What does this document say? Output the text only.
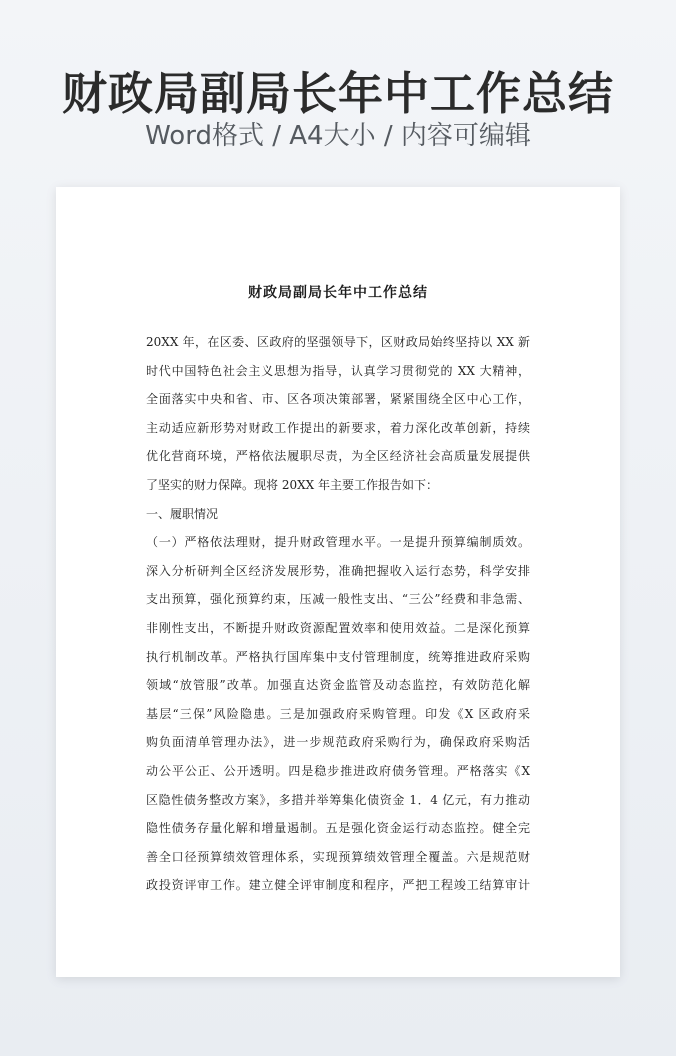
财政局副局长年中工作总结
Word格式 / A4大小 / 内容可编辑
财政局副局长年中工作总结
20XX 年，在区委、区政府的坚强领导下，区财政局始终坚持以 XX 新
时代中国特色社会主义思想为指导，认真学习贯彻党的 XX 大精神，
全面落实中央和省、市、区各项决策部署，紧紧围绕全区中心工作，
主动适应新形势对财政工作提出的新要求，着力深化改革创新，持续
优化营商环境，严格依法履职尽责，为全区经济社会高质量发展提供
了坚实的财力保障。现将 20XX 年主要工作报告如下：
一、履职情况
（一）严格依法理财，提升财政管理水平。一是提升预算编制质效。
深入分析研判全区经济发展形势，准确把握收入运行态势，科学安排
支出预算，强化预算约束，压减一般性支出、“三公”经费和非急需、
非刚性支出，不断提升财政资源配置效率和使用效益。二是深化预算
执行机制改革。严格执行国库集中支付管理制度，统筹推进政府采购
领域“放管服”改革。加强直达资金监管及动态监控，有效防范化解
基层“三保”风险隐患。三是加强政府采购管理。印发《X 区政府采
购负面清单管理办法》，进一步规范政府采购行为，确保政府采购活
动公平公正、公开透明。四是稳步推进政府债务管理。严格落实《X
区隐性债务整改方案》，多措并举筹集化债资金 1．4 亿元，有力推动
隐性债务存量化解和增量遏制。五是强化资金运行动态监控。健全完
善全口径预算绩效管理体系，实现预算绩效管理全覆盖。六是规范财
政投资评审工作。建立健全评审制度和程序，严把工程竣工结算审计
